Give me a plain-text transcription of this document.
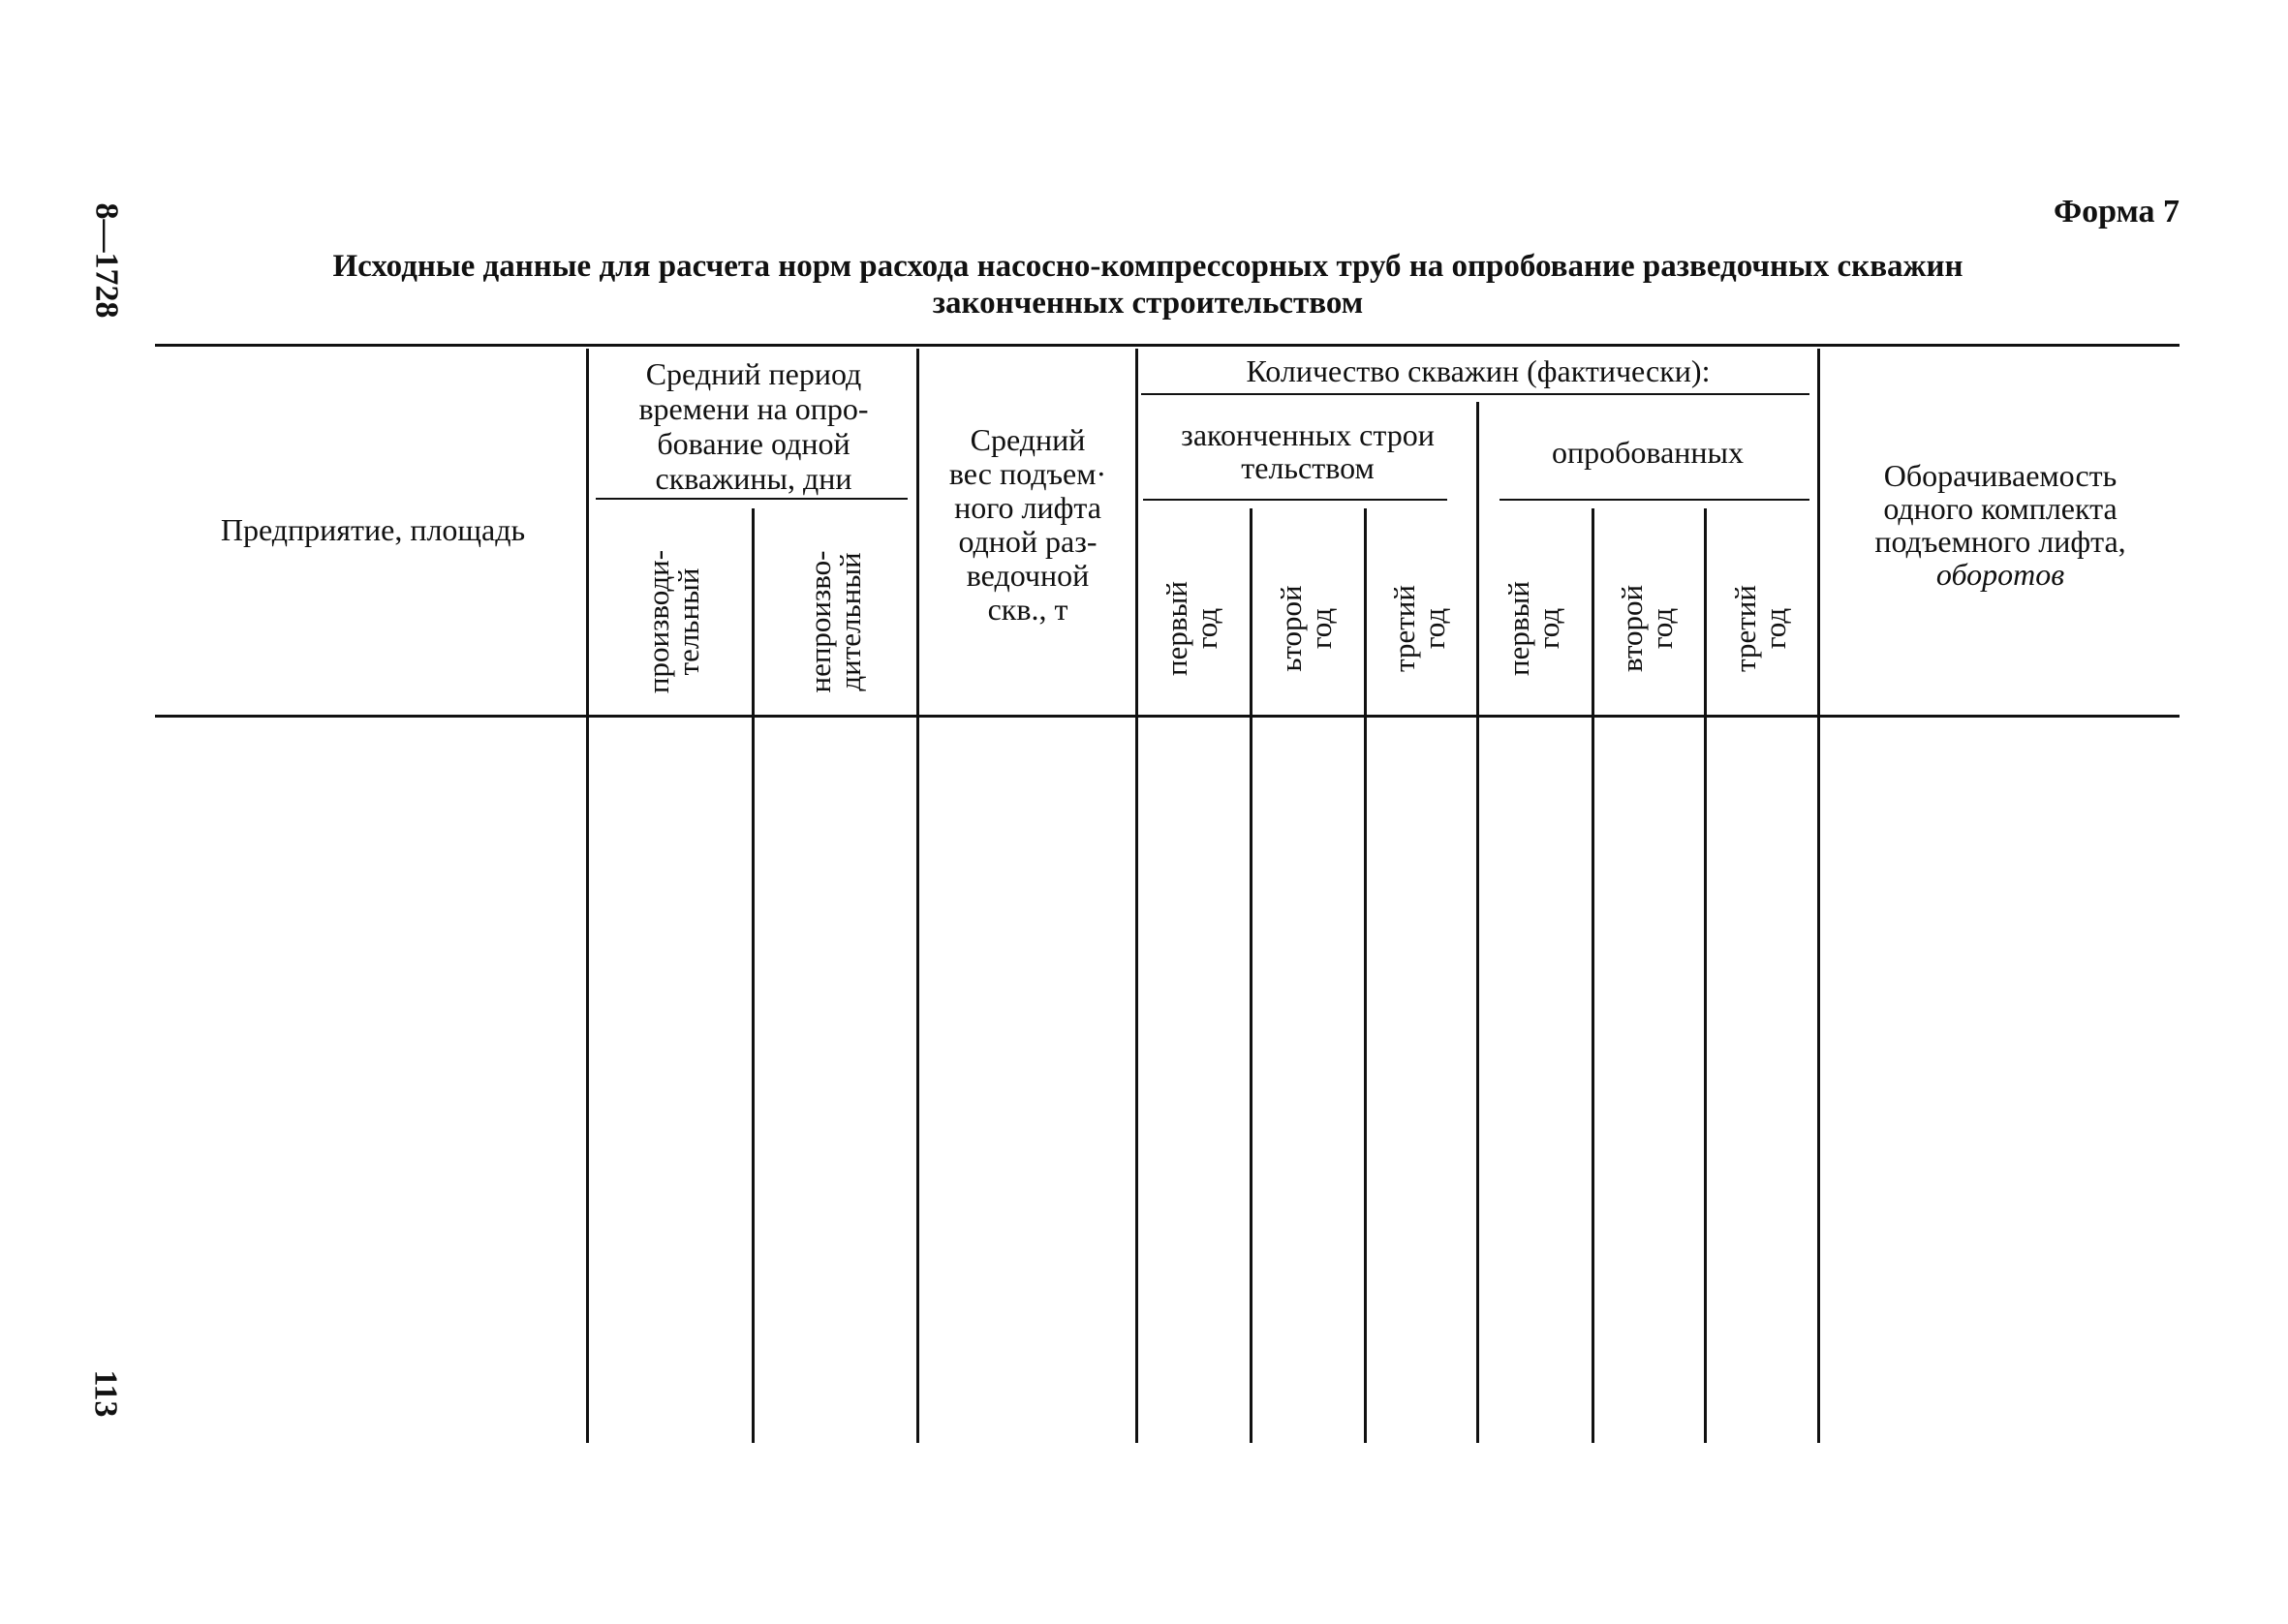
8—1728
113
Форма 7
Исходные данные для расчета норм расхода насосно-компрессорных труб на опробование разведочных скважин
законченных строительством
Предприятие, площадь
Средний период
времени на опро-
бование одной
скважины, дни
производи-
тельный	непроизво-
дительный
Средний
вес подъем·
ного лифта
одной раз-
ведочной
скв., т
Количество скважин (фактически):
законченных строи
тельством	опробованных
первый
год ьторой
год третий
год первый
год второй
год третий
год
Оборачиваемость
одного комплекта
подъемного лифта,
оборотов
